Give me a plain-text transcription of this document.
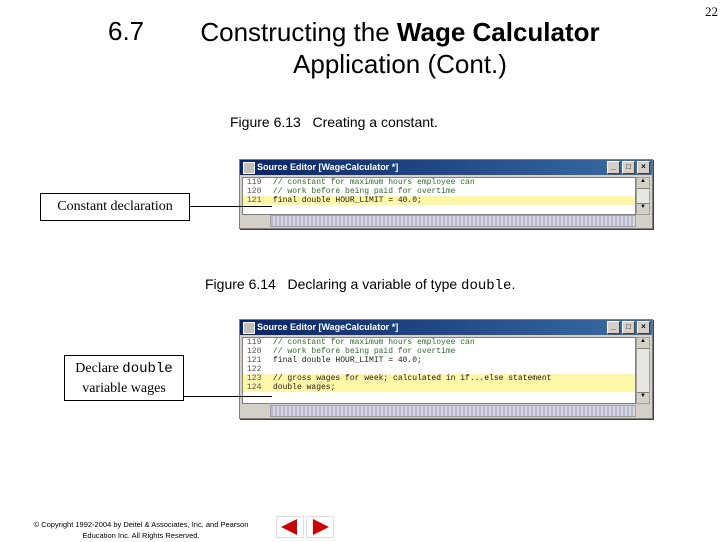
22
6.7	Constructing the Wage Calculator
Application (Cont.)
Figure 6.13 Creating a constant.
Source Editor [WageCalculator *]	_	□	×
119	// constant for maximum hours employee can
120	// work before being paid for overtime
121	final double HOUR_LIMIT = 40.0;
▲
▼
Constant declaration
Figure 6.14 Declaring a variable of type double.
Source Editor [WageCalculator *]	_	□	×
119	// constant for maximum hours employee can
120	// work before being paid for overtime
121	final double HOUR_LIMIT = 40.0;
122
123	// gross wages for week; calculated in if...else statement
124	double wages;
▲
▼
Declare double
variable wages
© Copyright 1992-2004 by Deitel & Associates, Inc. and Pearson
Education Inc. All Rights Reserved.
